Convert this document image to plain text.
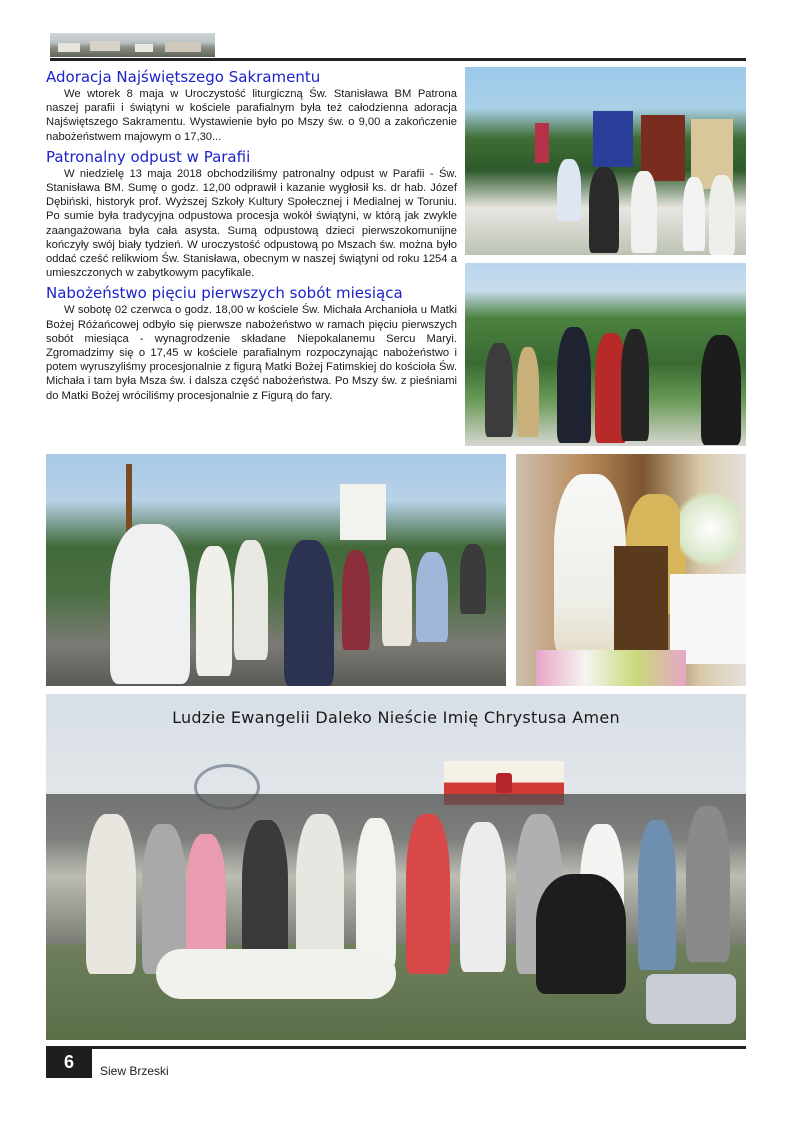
Adoracja Najświętszego Sakramentu

We wtorek 8 maja w Uroczystość liturgiczną Św. Stanisława BM Patrona naszej parafii i świątyni w kościele parafialnym była też całodzienna adoracja Najświętszego Sakramentu. Wystawienie było po Mszy św. o 9,00 a zakończenie nabożeństwem majowym o 17,30...

Patronalny odpust w Parafii

W niedzielę 13 maja 2018 obchodziliśmy patronalny odpust w Parafii - Św. Stanisława BM. Sumę o godz. 12,00 odprawił i kazanie wygłosił ks. dr hab. Józef Dębiński, historyk prof. Wyższej Szkoły Kultury Społecznej i Medialnej w Toruniu. Po sumie była tradycyjna odpustowa procesja wokół świątyni, w którą jak zwykle zaangażowana była cała asysta. Sumą odpustową dzieci pierwszokomunijne kończyły swój biały tydzień. W uroczystość odpustową po Mszach św. można było oddać cześć relikwiom Św. Stanisława, obecnym w naszej świątyni od roku 1254 a umieszczonych w zabytkowym pacyfikale.

Nabożeństwo pięciu pierwszych sobót miesiąca

W sobotę 02 czerwca o godz. 18,00 w kościele Św. Michała Archanioła u Matki Bożej Różańcowej odbyło się pierwsze nabożeństwo w ramach pięciu pierwszych sobót miesiąca - wynagrodzenie składane Niepokalanemu Sercu Maryi. Zgromadzimy się o 17,45 w kościele parafialnym rozpoczynając nabożeństwo i potem wyruszyliśmy procesjonalnie z figurą Matki Bożej Fatimskiej do kościoła Św. Michała i tam była Msza św. i dalsza część nabożeństwa. Po Mszy św. z pieśniami do Matki Bożej wróciliśmy procesjonalnie z Figurą do fary.

Ludzie Ewangelii Daleko Nieście Imię Chrystusa Amen
6	Siew Brzeski
